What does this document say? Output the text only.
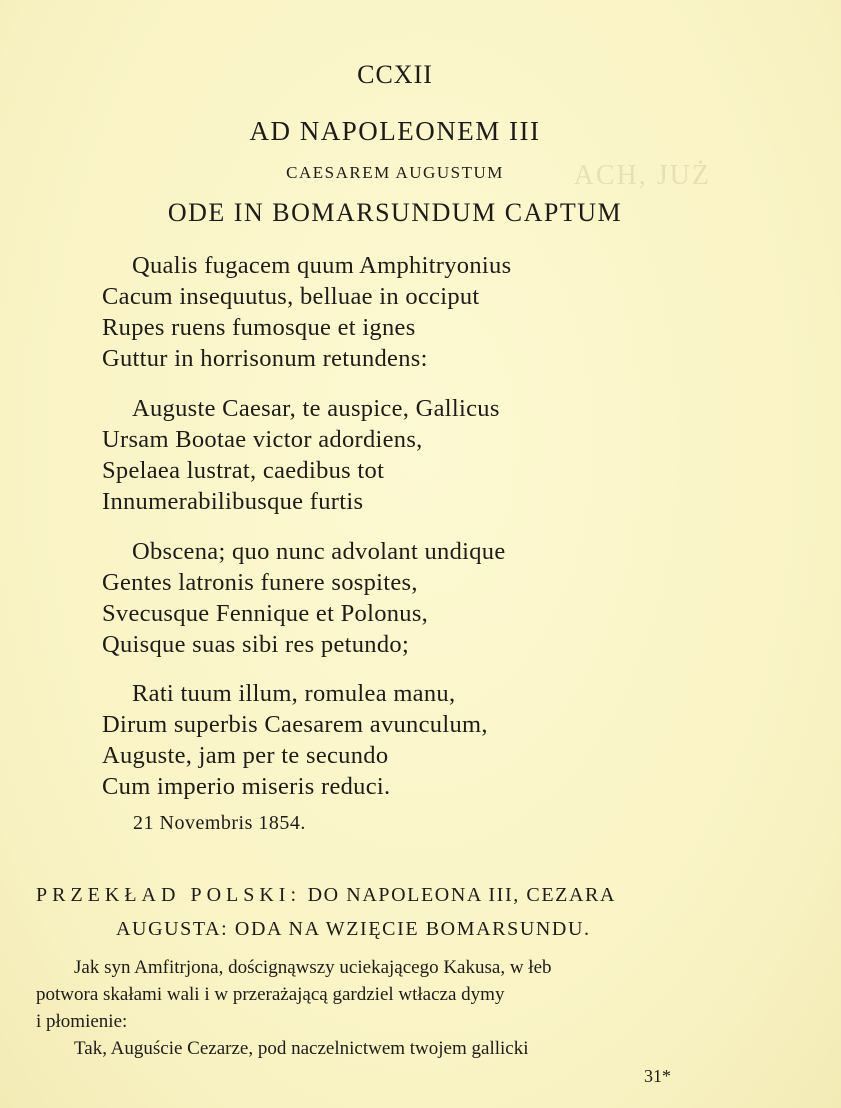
ACH, JUŻ
CCXII
AD NAPOLEONEM III
CAESAREM AUGUSTUM
ODE IN BOMARSUNDUM CAPTUM
Qualis fugacem quum Amphitryonius
Cacum insequutus, belluae in occiput
Rupes ruens fumosque et ignes
Guttur in horrisonum retundens:
Auguste Caesar, te auspice, Gallicus
Ursam Bootae victor adordiens,
Spelaea lustrat, caedibus tot
Innumerabilibusque furtis
Obscena; quo nunc advolant undique
Gentes latronis funere sospites,
Svecusque Fennique et Polonus,
Quisque suas sibi res petundo;
Rati tuum illum, romulea manu,
Dirum superbis Caesarem avunculum,
Auguste, jam per te secundo
Cum imperio miseris reduci.
21 Novembris 1854.
PRZEKŁAD POLSKI: DO NAPOLEONA III, CEZARA
AUGUSTA: ODA NA WZIĘCIE BOMARSUNDU.
Jak syn Amfitrjona, doścignąwszy uciekającego Kakusa, w łeb
potwora skałami wali i w przerażającą gardziel wtłacza dymy
i płomienie:
Tak, Auguście Cezarze, pod naczelnictwem twojem gallicki
31*
